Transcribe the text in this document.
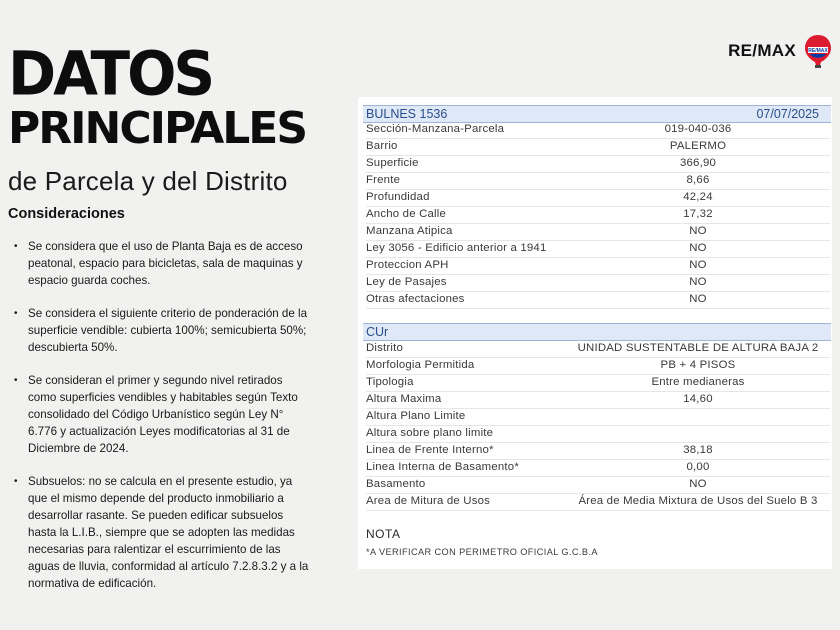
RE/MAX RE/MAX
DATOS
PRINCIPALES
de Parcela y del Distrito
Consideraciones
• Se considera que el uso de Planta Baja es de acceso peatonal, espacio para bicicletas, sala de maquinas y espacio guarda coches.
• Se considera el siguiente criterio de ponderación de la superficie vendible: cubierta 100%; semicubierta 50%; descubierta 50%.
• Se consideran el primer y segundo nivel retirados como superficies vendibles y habitables según Texto consolidado del Código Urbanístico según Ley N° 6.776 y actualización Leyes modificatorias al 31 de Diciembre de 2024.
• Subsuelos: no se calcula en el presente estudio, ya que el mismo depende del producto inmobiliario a desarrollar rasante. Se pueden edificar subsuelos hasta la L.I.B., siempre que se adopten las medidas necesarias para ralentizar el escurrimiento de las aguas de lluvia, conformidad al artículo 7.2.8.3.2 y a la normativa de edificación.
BULNES 1536	07/07/2025
Sección-Manzana-Parcela	019-040-036
Barrio	PALERMO
Superficie	366,90
Frente	8,66
Profundidad	42,24
Ancho de Calle	17,32
Manzana Atipica	NO
Ley 3056 - Edificio anterior a 1941	NO
Proteccion APH	NO
Ley de Pasajes	NO
Otras afectaciones	NO
CUr
Distrito	UNIDAD SUSTENTABLE DE ALTURA BAJA 2
Morfologia Permitida	PB + 4 PISOS
Tipologia	Entre medianeras
Altura Maxima	14,60
Altura Plano Limite
Altura sobre plano limite
Linea de Frente Interno*	38,18
Linea Interna de Basamento*	0,00
Basamento	NO
Area de Mitura de Usos	Área de Media Mixtura de Usos del Suelo B 3
NOTA
*A VERIFICAR CON PERIMETRO OFICIAL G.C.B.A
